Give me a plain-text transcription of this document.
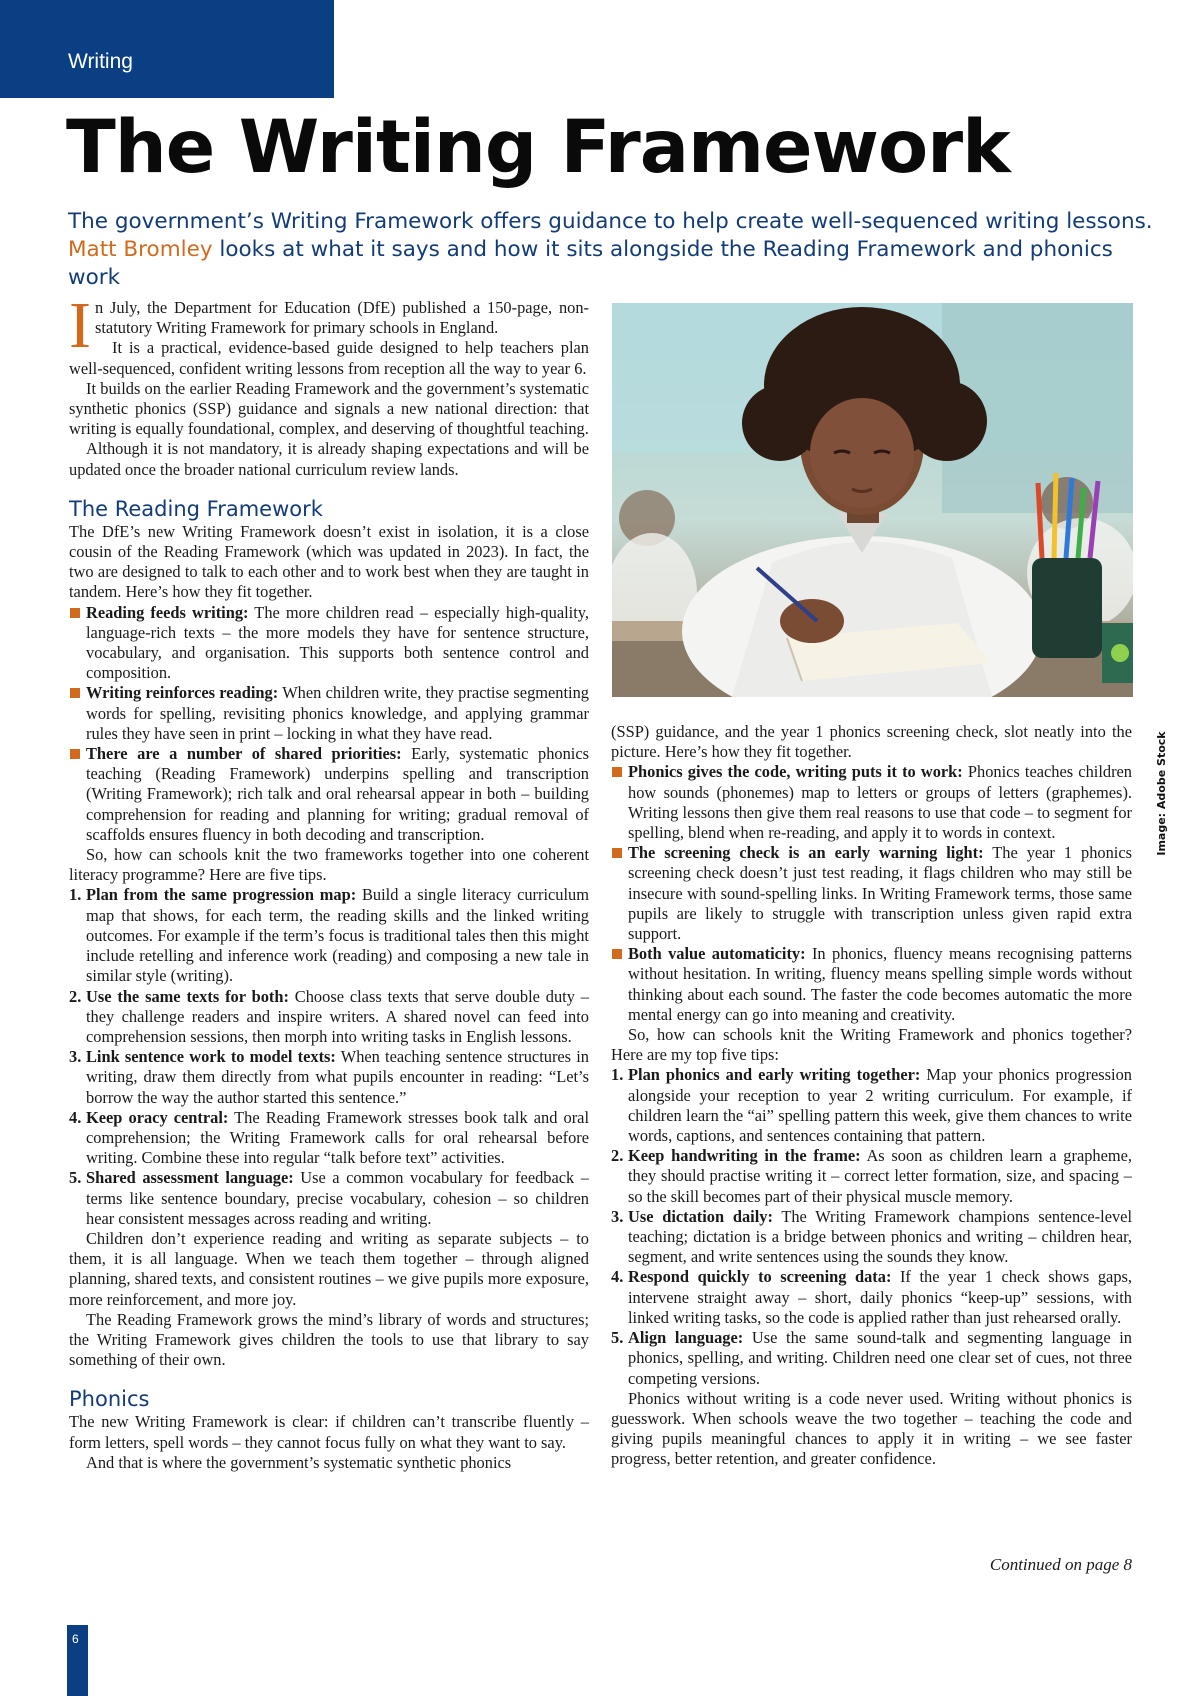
Writing
The Writing Framework
The government’s Writing Framework offers guidance to help create well-sequenced writing lessons.
Matt Bromley looks at what it says and how it sits alongside the Reading Framework and phonics work

In July, the Department for Education (DfE) published a 150-page, non-statutory Writing Framework for primary schools in England.

It is a practical, evidence-based guide designed to help teachers plan well-sequenced, confident writing lessons from reception all the way to year 6.

It builds on the earlier Reading Framework and the government’s systematic synthetic phonics (SSP) guidance and signals a new national direction: that writing is equally foundational, complex, and deserving of thoughtful teaching.

Although it is not mandatory, it is already shaping expectations and will be updated once the broader national curriculum review lands.

The Reading Framework

The DfE’s new Writing Framework doesn’t exist in isolation, it is a close cousin of the Reading Framework (which was updated in 2023). In fact, the two are designed to talk to each other and to work best when they are taught in tandem. Here’s how they fit together.

Reading feeds writing: The more children read – especially high-quality, language-rich texts – the more models they have for sentence structure, vocabulary, and organisation. This supports both sentence control and composition.
Writing reinforces reading: When children write, they practise segmenting words for spelling, revisiting phonics knowledge, and applying grammar rules they have seen in print – locking in what they have read.
There are a number of shared priorities: Early, systematic phonics teaching (Reading Framework) underpins spelling and transcription (Writing Framework); rich talk and oral rehearsal appear in both – building comprehension for reading and planning for writing; gradual removal of scaffolds ensures fluency in both decoding and transcription.

So, how can schools knit the two frameworks together into one coherent literacy programme? Here are five tips.

1. Plan from the same progression map: Build a single literacy curriculum map that shows, for each term, the reading skills and the linked writing outcomes. For example if the term’s focus is traditional tales then this might include retelling and inference work (reading) and composing a new tale in similar style (writing).
2. Use the same texts for both: Choose class texts that serve double duty – they challenge readers and inspire writers. A shared novel can feed into comprehension sessions, then morph into writing tasks in English lessons.
3. Link sentence work to model texts: When teaching sentence structures in writing, draw them directly from what pupils encounter in reading: “Let’s borrow the way the author started this sentence.”
4. Keep oracy central: The Reading Framework stresses book talk and oral comprehension; the Writing Framework calls for oral rehearsal before writing. Combine these into regular “talk before text” activities.
5. Shared assessment language: Use a common vocabulary for feedback – terms like sentence boundary, precise vocabulary, cohesion – so children hear consistent messages across reading and writing.

Children don’t experience reading and writing as separate subjects – to them, it is all language. When we teach them together – through aligned planning, shared texts, and consistent routines – we give pupils more exposure, more reinforcement, and more joy.

The Reading Framework grows the mind’s library of words and structures; the Writing Framework gives children the tools to use that library to say something of their own.

Phonics

The new Writing Framework is clear: if children can’t transcribe fluently – form letters, spell words – they cannot focus fully on what they want to say.

And that is where the government’s systematic synthetic phonics

Image: Adobe Stock

(SSP) guidance, and the year 1 phonics screening check, slot neatly into the picture. Here’s how they fit together.

Phonics gives the code, writing puts it to work: Phonics teaches children how sounds (phonemes) map to letters or groups of letters (graphemes). Writing lessons then give them real reasons to use that code – to segment for spelling, blend when re-reading, and apply it to words in context.
The screening check is an early warning light: The year 1 phonics screening check doesn’t just test reading, it flags children who may still be insecure with sound-spelling links. In Writing Framework terms, those same pupils are likely to struggle with transcription unless given rapid extra support.
Both value automaticity: In phonics, fluency means recognising patterns without hesitation. In writing, fluency means spelling simple words without thinking about each sound. The faster the code becomes automatic the more mental energy can go into meaning and creativity.

So, how can schools knit the Writing Framework and phonics together? Here are my top five tips:

1. Plan phonics and early writing together: Map your phonics progression alongside your reception to year 2 writing curriculum. For example, if children learn the “ai” spelling pattern this week, give them chances to write words, captions, and sentences containing that pattern.
2. Keep handwriting in the frame: As soon as children learn a grapheme, they should practise writing it – correct letter formation, size, and spacing – so the skill becomes part of their physical muscle memory.
3. Use dictation daily: The Writing Framework champions sentence-level teaching; dictation is a bridge between phonics and writing – children hear, segment, and write sentences using the sounds they know.
4. Respond quickly to screening data: If the year 1 check shows gaps, intervene straight away – short, daily phonics “keep-up” sessions, with linked writing tasks, so the code is applied rather than just rehearsed orally.
5. Align language: Use the same sound-talk and segmenting language in phonics, spelling, and writing. Children need one clear set of cues, not three competing versions.

Phonics without writing is a code never used. Writing without phonics is guesswork. When schools weave the two together – teaching the code and giving pupils meaningful chances to apply it in writing – we see faster progress, better retention, and greater confidence.

Continued on page 8
6
